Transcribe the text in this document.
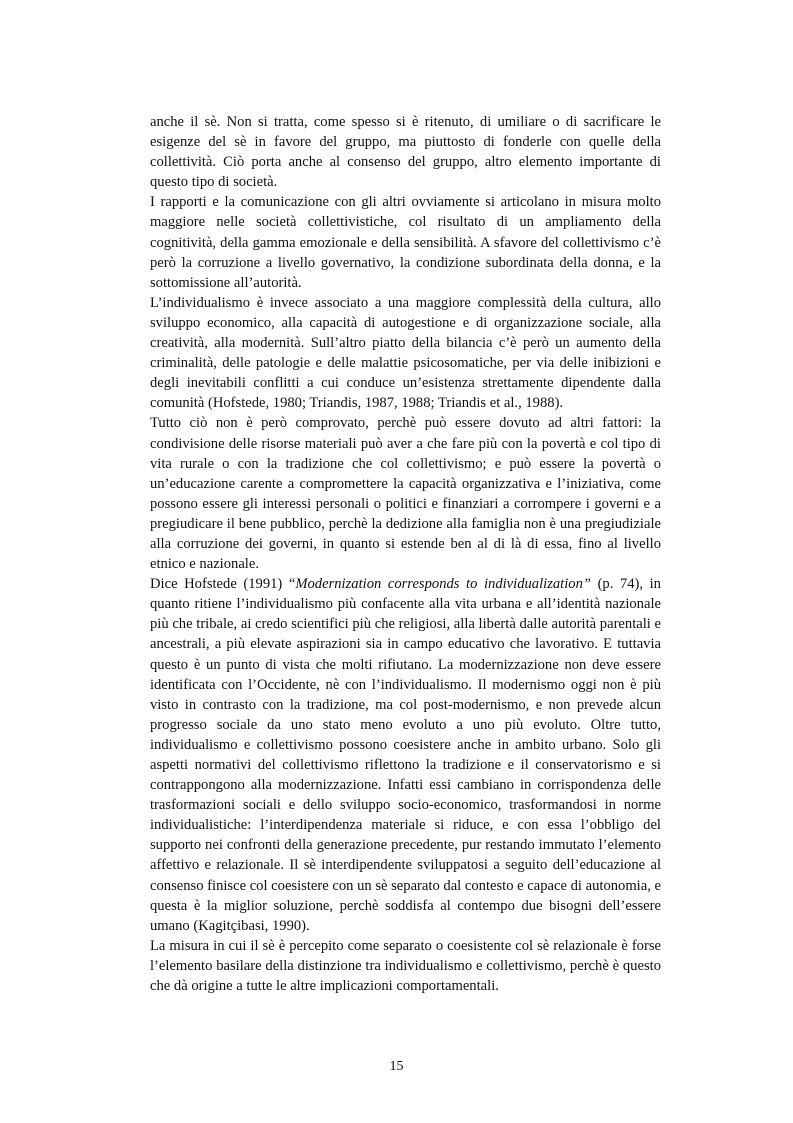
anche il sè. Non si tratta, come spesso si è ritenuto, di umiliare o di sacrificare le esigenze del sè in favore del gruppo, ma piuttosto di fonderle con quelle della collettività. Ciò porta anche al consenso del gruppo, altro elemento importante di questo tipo di società.

I rapporti e la comunicazione con gli altri ovviamente si articolano in misura molto maggiore nelle società collettivistiche, col risultato di un ampliamento della cognitività, della gamma emozionale e della sensibilità. A sfavore del collettivismo c’è però la corruzione a livello governativo, la condizione subordinata della donna, e la sottomissione all’autorità.

L’individualismo è invece associato a una maggiore complessità della cultura, allo sviluppo economico, alla capacità di autogestione e di organizzazione sociale, alla creatività, alla modernità. Sull’altro piatto della bilancia c’è però un aumento della criminalità, delle patologie e delle malattie psicosomatiche, per via delle inibizioni e degli inevitabili conflitti a cui conduce un’esistenza strettamente dipendente dalla comunità (Hofstede, 1980; Triandis, 1987, 1988; Triandis et al., 1988).

Tutto ciò non è però comprovato, perchè può essere dovuto ad altri fattori: la condivisione delle risorse materiali può aver a che fare più con la povertà e col tipo di vita rurale o con la tradizione che col collettivismo; e può essere la povertà o un’educazione carente a compromettere la capacità organizzativa e l’iniziativa, come possono essere gli interessi personali o politici e finanziari a corrompere i governi e a pregiudicare il bene pubblico, perchè la dedizione alla famiglia non è una pregiudiziale alla corruzione dei governi, in quanto si estende ben al di là di essa, fino al livello etnico e nazionale.

Dice Hofstede (1991) “Modernization corresponds to individualization” (p. 74), in quanto ritiene l’individualismo più confacente alla vita urbana e all’identità nazionale più che tribale, ai credo scientifici più che religiosi, alla libertà dalle autorità parentali e ancestrali, a più elevate aspirazioni sia in campo educativo che lavorativo. E tuttavia questo è un punto di vista che molti rifiutano. La modernizzazione non deve essere identificata con l’Occidente, nè con l’individualismo. Il modernismo oggi non è più visto in contrasto con la tradizione, ma col post-modernismo, e non prevede alcun progresso sociale da uno stato meno evoluto a uno più evoluto. Oltre tutto, individualismo e collettivismo possono coesistere anche in ambito urbano. Solo gli aspetti normativi del collettivismo riflettono la tradizione e il conservatorismo e si contrappongono alla modernizzazione. Infatti essi cambiano in corrispondenza delle trasformazioni sociali e dello sviluppo socio-economico, trasformandosi in norme individualistiche: l’interdipendenza materiale si riduce, e con essa l’obbligo del supporto nei confronti della generazione precedente, pur restando immutato l’elemento affettivo e relazionale. Il sè interdipendente sviluppatosi a seguito dell’educazione al consenso finisce col coesistere con un sè separato dal contesto e capace di autonomia, e questa è la miglior soluzione, perchè soddisfa al contempo due bisogni dell’essere umano (Kagitçibasi, 1990).

La misura in cui il sè è percepito come separato o coesistente col sè relazionale è forse l’elemento basilare della distinzione tra individualismo e collettivismo, perchè è questo che dà origine a tutte le altre implicazioni comportamentali.

15
